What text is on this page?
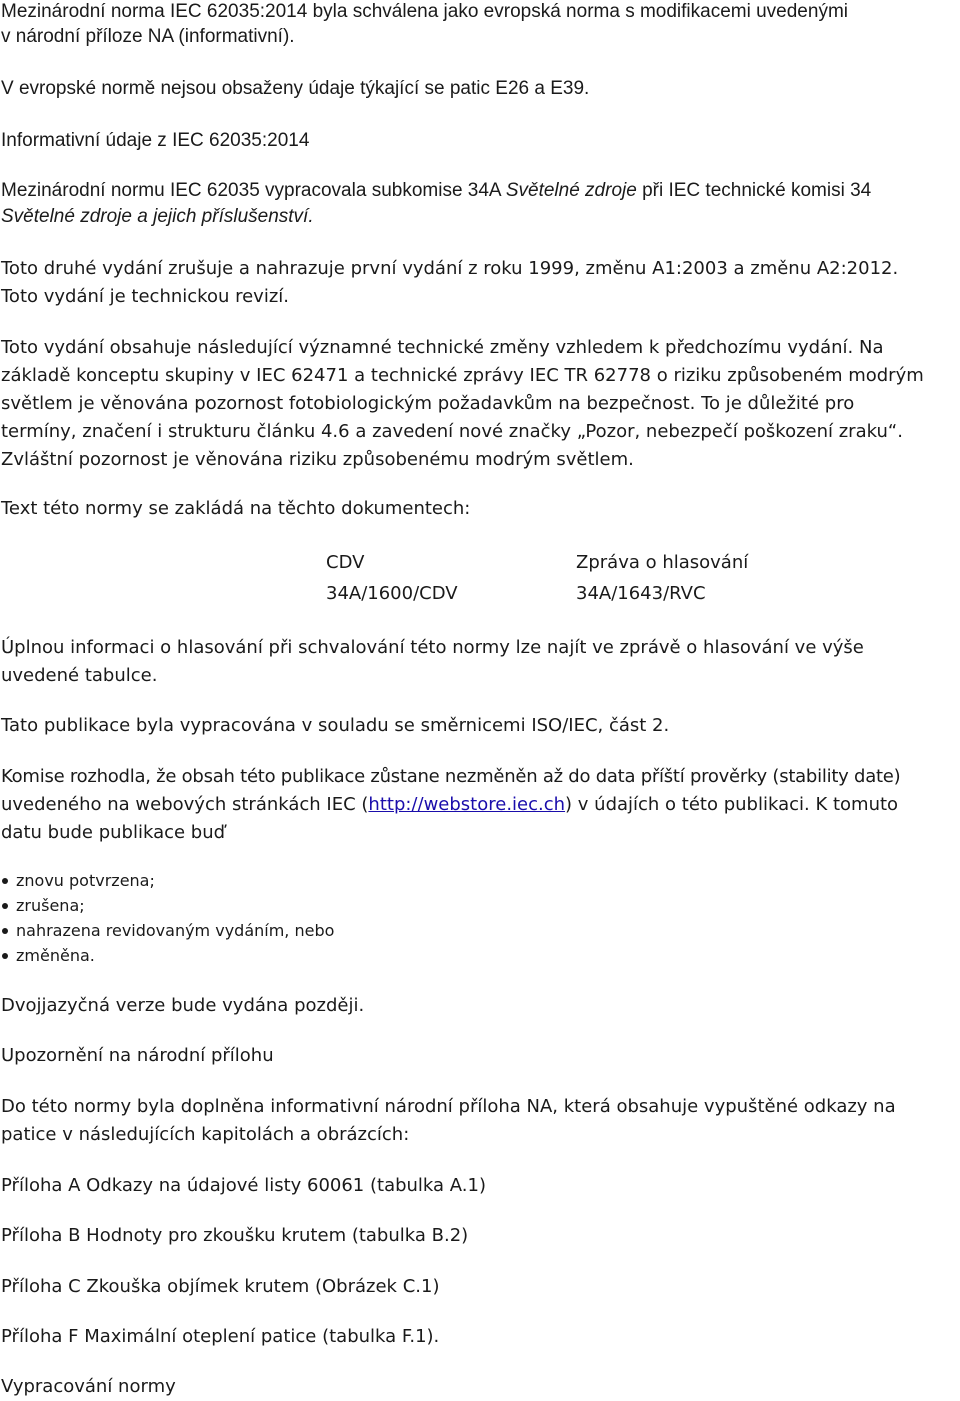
Mezinárodní norma IEC 62035:2014 byla schválena jako evropská norma s modifikacemi uvedenými

v národní příloze NA (informativní).

V evropské normě nejsou obsaženy údaje týkající se patic E26 a E39.

Informativní údaje z IEC 62035:2014

Mezinárodní normu IEC 62035 vypracovala subkomise 34A Světelné zdroje při IEC technické komisi 34

Světelné zdroje a jejich příslušenství.

Toto druhé vydání zrušuje a nahrazuje první vydání z roku 1999, změnu A1:2003 a změnu A2:2012.

Toto vydání je technickou revizí.

Toto vydání obsahuje následující významné technické změny vzhledem k předchozímu vydání. Na

základě konceptu skupiny v IEC 62471 a technické zprávy IEC TR 62778 o riziku způsobeném modrým

světlem je věnována pozornost fotobiologickým požadavkům na bezpečnost. To je důležité pro

termíny, značení i strukturu článku 4.6 a zavedení nové značky „Pozor, nebezpečí poškození zraku“.

Zvláštní pozornost je věnována riziku způsobenému modrým světlem.

Text této normy se zakládá na těchto dokumentech:

CDV	Zpráva o hlasování
34A/1600/CDV	34A/1643/RVC

Úplnou informaci o hlasování při schvalování této normy lze najít ve zprávě o hlasování ve výše

uvedené tabulce.

Tato publikace byla vypracována v souladu se směrnicemi ISO/IEC, část 2.

Komise rozhodla, že obsah této publikace zůstane nezměněn až do data příští prověrky (stability date)

uvedeného na webových stránkách IEC (http://webstore.iec.ch) v údajích o této publikaci. K tomuto

datu bude publikace buď

znovu potvrzena;
zrušena;
nahrazena revidovaným vydáním, nebo
změněna.

Dvojjazyčná verze bude vydána později.

Upozornění na národní přílohu

Do této normy byla doplněna informativní národní příloha NA, která obsahuje vypuštěné odkazy na

patice v následujících kapitolách a obrázcích:

Příloha A Odkazy na údajové listy 60061 (tabulka A.1)

Příloha B Hodnoty pro zkoušku krutem (tabulka B.2)

Příloha C Zkouška objímek krutem (Obrázek C.1)

Příloha F Maximální oteplení patice (tabulka F.1).

Vypracování normy
